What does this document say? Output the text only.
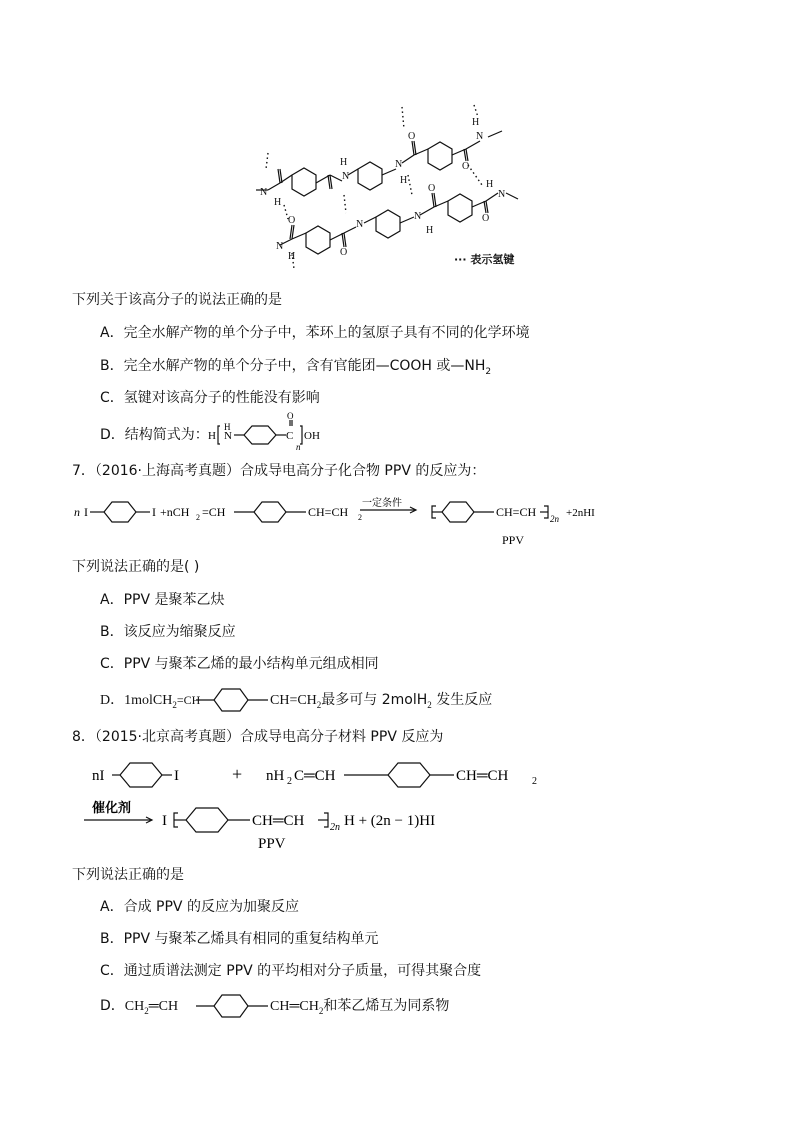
N
H
N
H	N
H
O	N
H
O
O
N
H
N
O
N
H
O
O
N
H
··· 表示氢键
下列关于该高分子的说法正确的是
A．完全水解产物的单个分子中，苯环上的氢原子具有不同的化学环境
B．完全水解产物的单个分子中，含有官能团—COOH 或$—NH_2$
C．氢键对该高分子的性能没有影响
D．结构简式为： H N
H
C
O
OH
n
7．（2016·上海高考真题）合成导电高分子化合物 PPV 的反应为：
n I	I +nCH 2 =CH	CH=CH 2
一定条件
CH=CH 2n +2nHI
PPV
下列说法正确的是( )
A．PPV 是聚苯乙炔
B．该反应为缩聚反应
C．PPV 与聚苯乙烯的最小结构单元组成相同
D．1molCH$_2$=CH	$CH=CH_2$最多可与 2molH$_2$ 发生反应
8．（2015·北京高考真题）合成导电高分子材料 PPV 反应为
nI	I	+ nH 2 C═CH	CH═CH 2
催化剂
I	CH═CH	2n H + (2n − 1)HI
PPV
下列说法正确的是
A．合成 PPV 的反应为加聚反应
B．PPV 与聚苯乙烯具有相同的重复结构单元
C．通过质谱法测定 PPV 的平均相对分子质量，可得其聚合度
D．$CH_2═CH$	$CH═CH_2$和苯乙烯互为同系物
